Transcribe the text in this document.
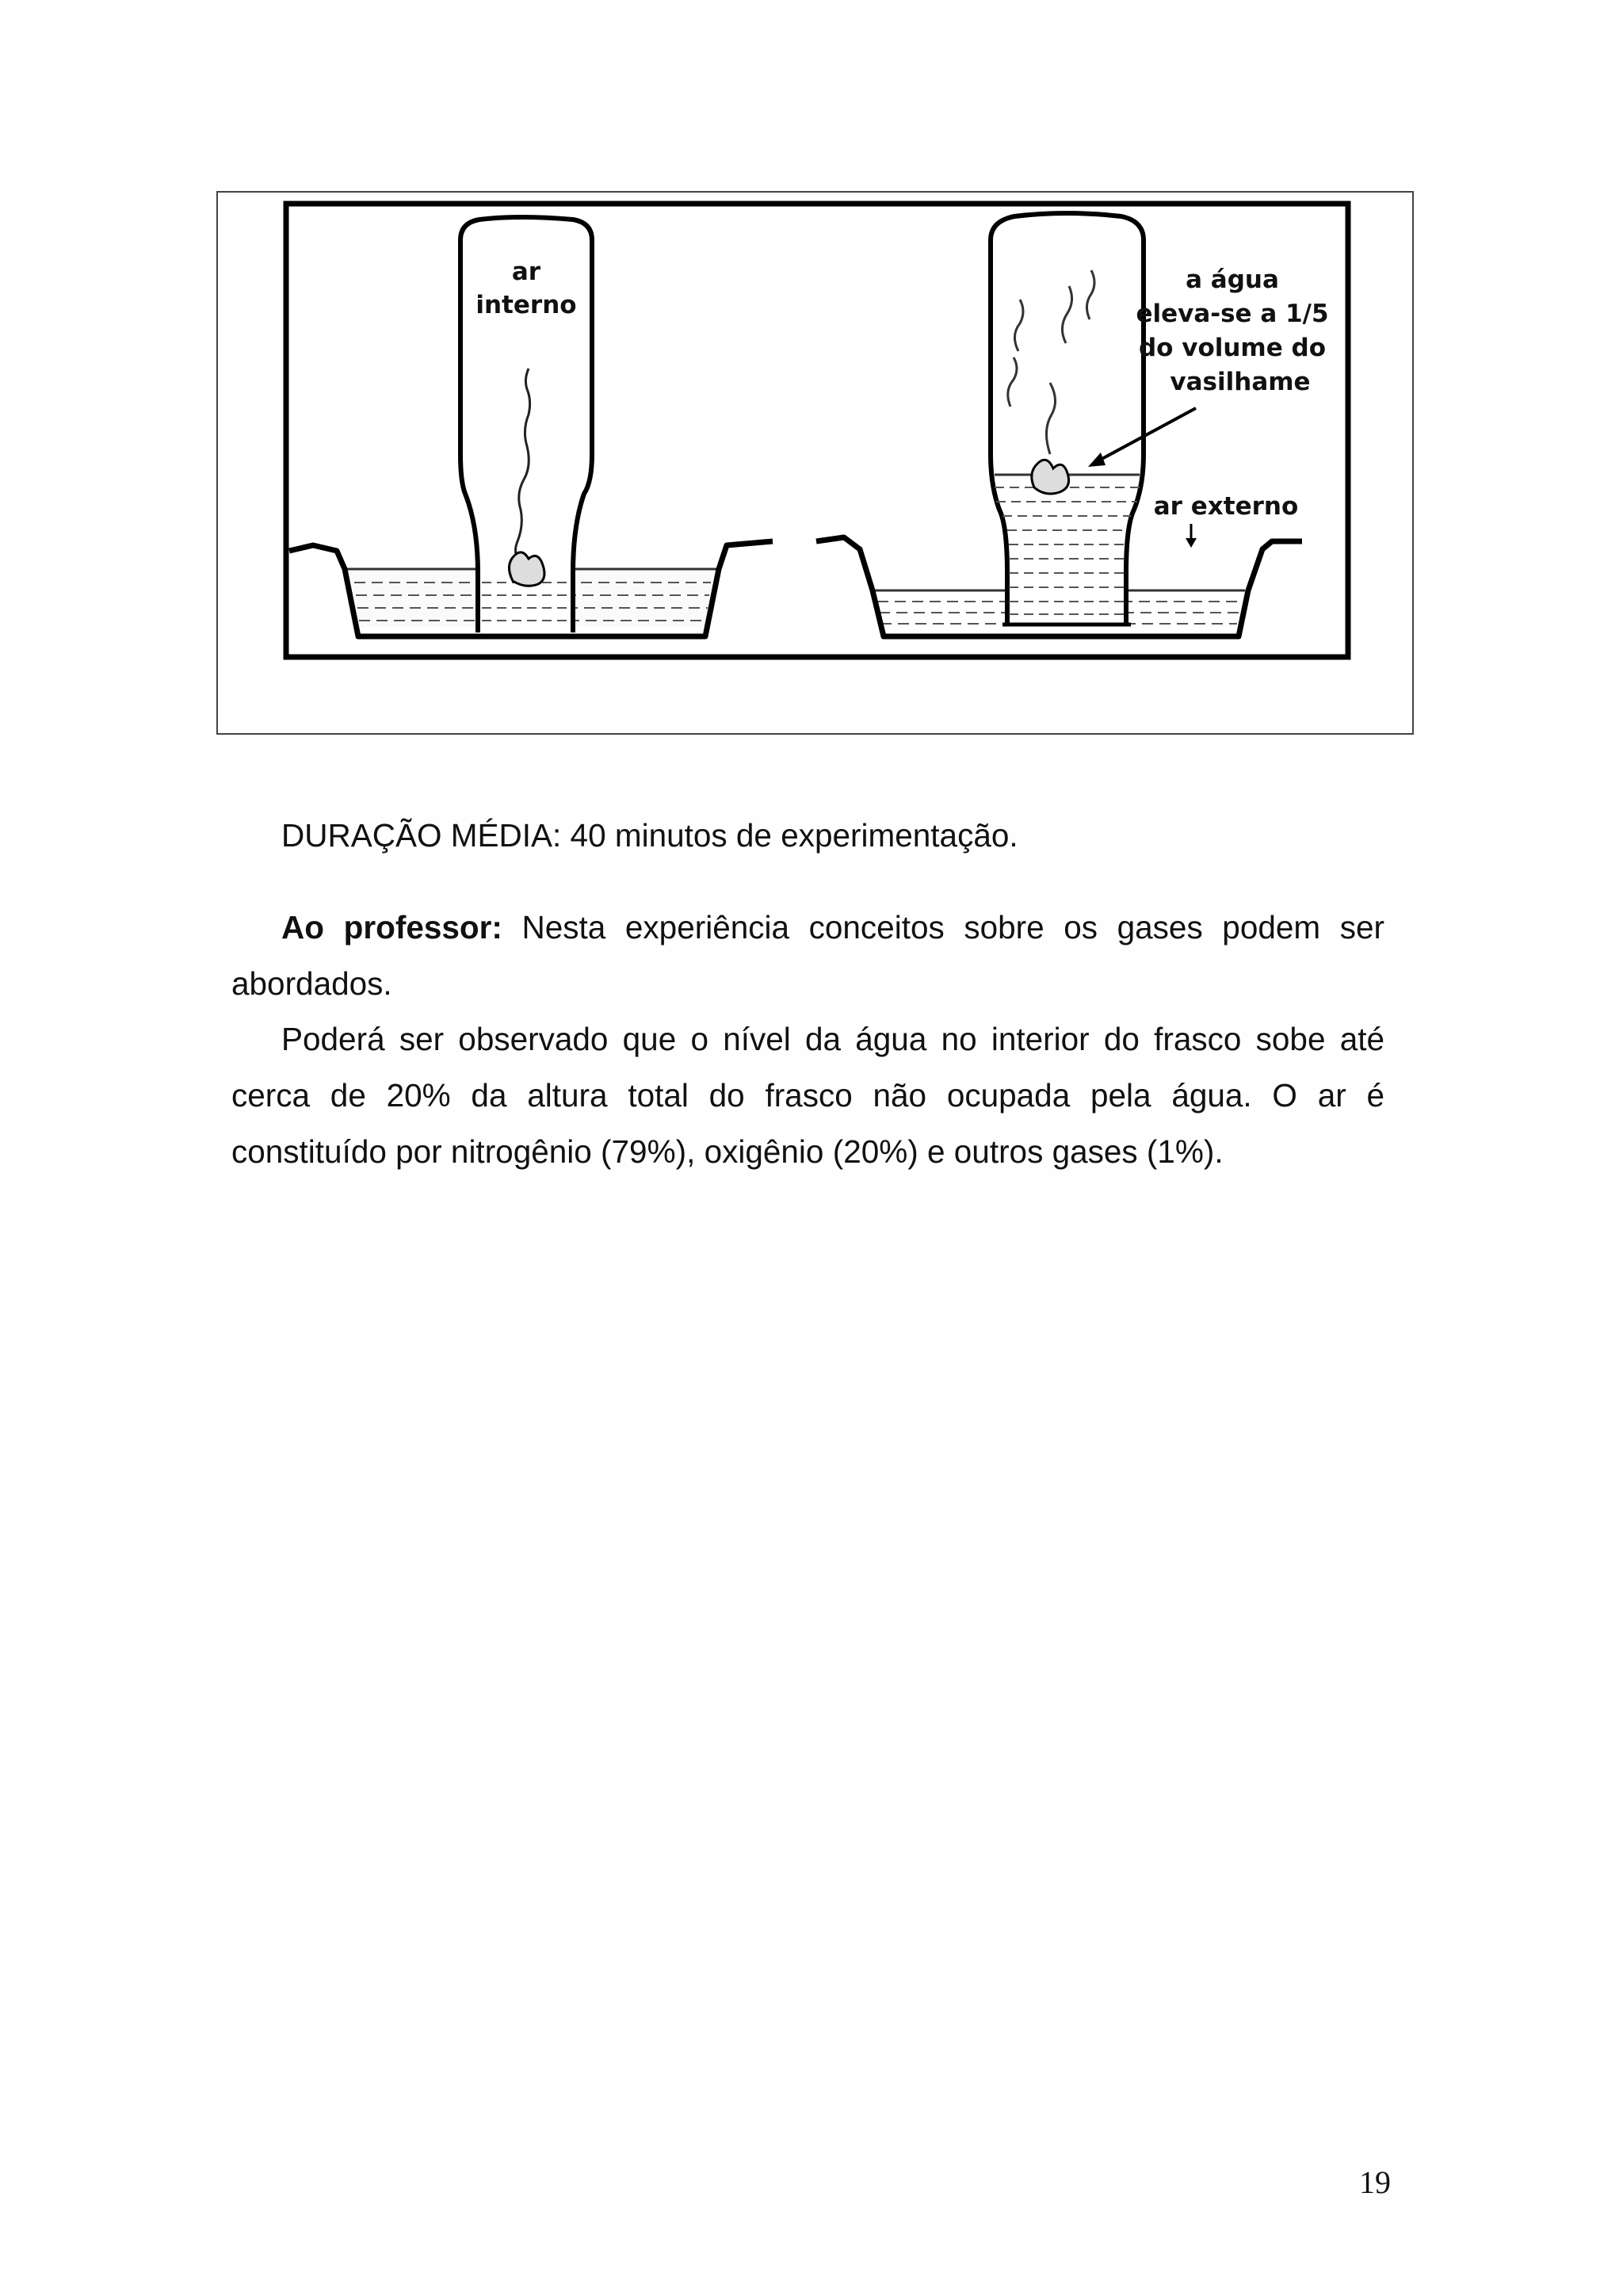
ar
interno
a água
eleva-se a 1/5
do volume do
vasilhame
ar externo

DURAÇÃO MÉDIA: 40 minutos de experimentação.

Ao professor: Nesta experiência conceitos sobre os gases podem ser abordados.

Poderá ser observado que o nível da água no interior do frasco sobe até cerca de 20% da altura total do frasco não ocupada pela água. O ar é constituído por nitrogênio (79%), oxigênio (20%) e outros gases (1%).

19
